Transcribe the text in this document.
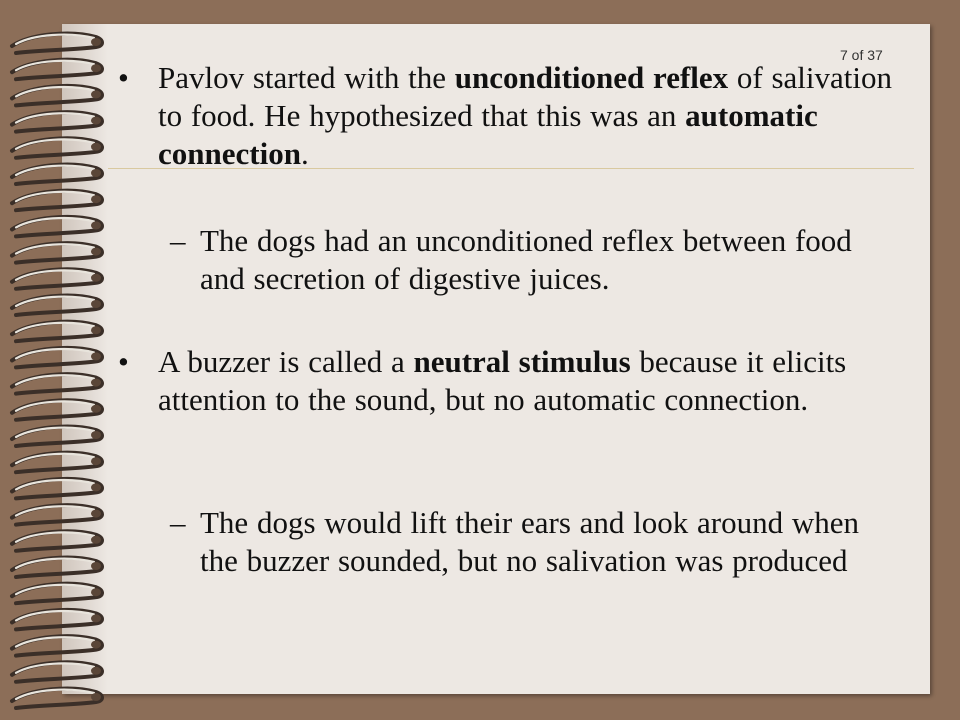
7 of 37
• Pavlov started with the unconditioned reflex of salivation to food. He hypothesized that this was an automatic connection.
– The dogs had an unconditioned reflex between food and secretion of digestive juices.
• A buzzer is called a neutral stimulus because it elicits attention to the sound, but no automatic connection.
– The dogs would lift their ears and look around when the buzzer sounded, but no salivation was produced
